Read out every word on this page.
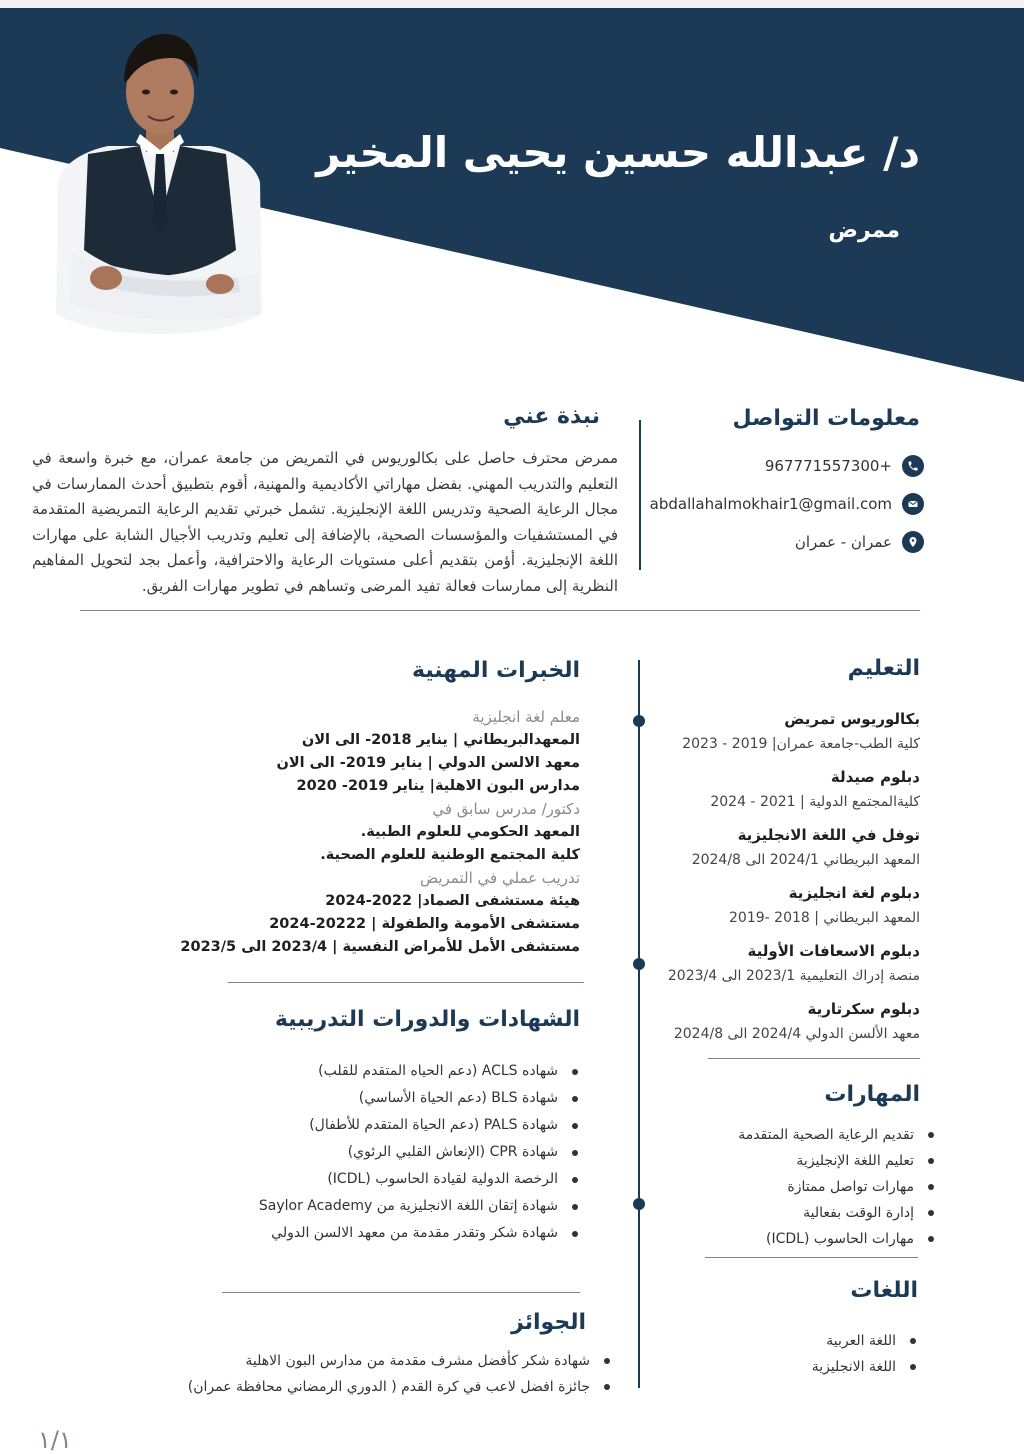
د/ عبدالله حسين يحيى المخير
ممرض
معلومات التواصل
+967771557300
abdallahalmokhair1@gmail.com
عمران - عمران
نبذة عني
ممرض محترف حاصل على بكالوريوس في التمريض من جامعة عمران، مع خبرة واسعة في التعليم والتدريب المهني. بفضل مهاراتي الأكاديمية والمهنية، أقوم بتطبيق أحدث الممارسات في مجال الرعاية الصحية وتدريس اللغة الإنجليزية. تشمل خبرتي تقديم الرعاية التمريضية المتقدمة في المستشفيات والمؤسسات الصحية، بالإضافة إلى تعليم وتدريب الأجيال الشابة على مهارات اللغة الإنجليزية. أؤمن بتقديم أعلى مستويات الرعاية والاحترافية، وأعمل بجد لتحويل المفاهيم النظرية إلى ممارسات فعالة تفيد المرضى وتساهم في تطوير مهارات الفريق.
التعليم
بكالوريوس تمريض
كلية الطب-جامعة عمران| 2019 - 2023
دبلوم صيدلة
كليةالمجتمع الدولية | 2021 - 2024
توفل في اللغة الانجليزية
المعهد البريطاني 2024/1 الى 2024/8
دبلوم لغة انجليزية
المعهد البريطاني | 2018 -2019
دبلوم الاسعافات الأولية
منصة إدراك التعليمية 2023/1 الى 2023/4
دبلوم سكرتارية
معهد الألسن الدولي 2024/4 الى 2024/8
المهارات
تقديم الرعاية الصحية المتقدمة
تعليم اللغة الإنجليزية
مهارات تواصل ممتازة
إدارة الوقت بفعالية
مهارات الحاسوب (ICDL)
اللغات
اللغة العربية
اللغة الانجليزية
الخبرات المهنية
معلم لغة انجليزية
المعهدالبريطاني | يناير 2018- الى الان
معهد الالسن الدولي | يناير 2019- الى الان
مدارس البون الاهلية| يناير 2019- 2020
دكتور/ مدرس سابق في
المعهد الحكومي للعلوم الطبية.
كلية المجتمع الوطنية للعلوم الصحية.
تدريب عملي في التمريض
هيئة مستشفى الصماد| 2022-2024
مستشفى الأمومة والطفولة | 20222-2024
مستشفى الأمل للأمراض النفسية | 2023/4 الى 2023/5
الشهادات والدورات التدريبية
شهاده ACLS (دعم الحياه المتقدم للقلب)
شهادة BLS (دعم الحياة الأساسي)
شهادة PALS (دعم الحياة المتقدم للأطفال)
شهادة CPR (الإنعاش القلبي الرئوي)
الرخصة الدولية لقيادة الحاسوب (ICDL)
شهادة إتقان اللغة الانجليزية من Saylor Academy
شهادة شكر وتقدر مقدمة من معهد الالسن الدولي
الجوائز
شهادة شكر كأفضل مشرف مقدمة من مدارس البون الاهلية
جائزة افضل لاعب في كرة القدم ( الدوري الرمضاني محافظة عمران)
١/١
